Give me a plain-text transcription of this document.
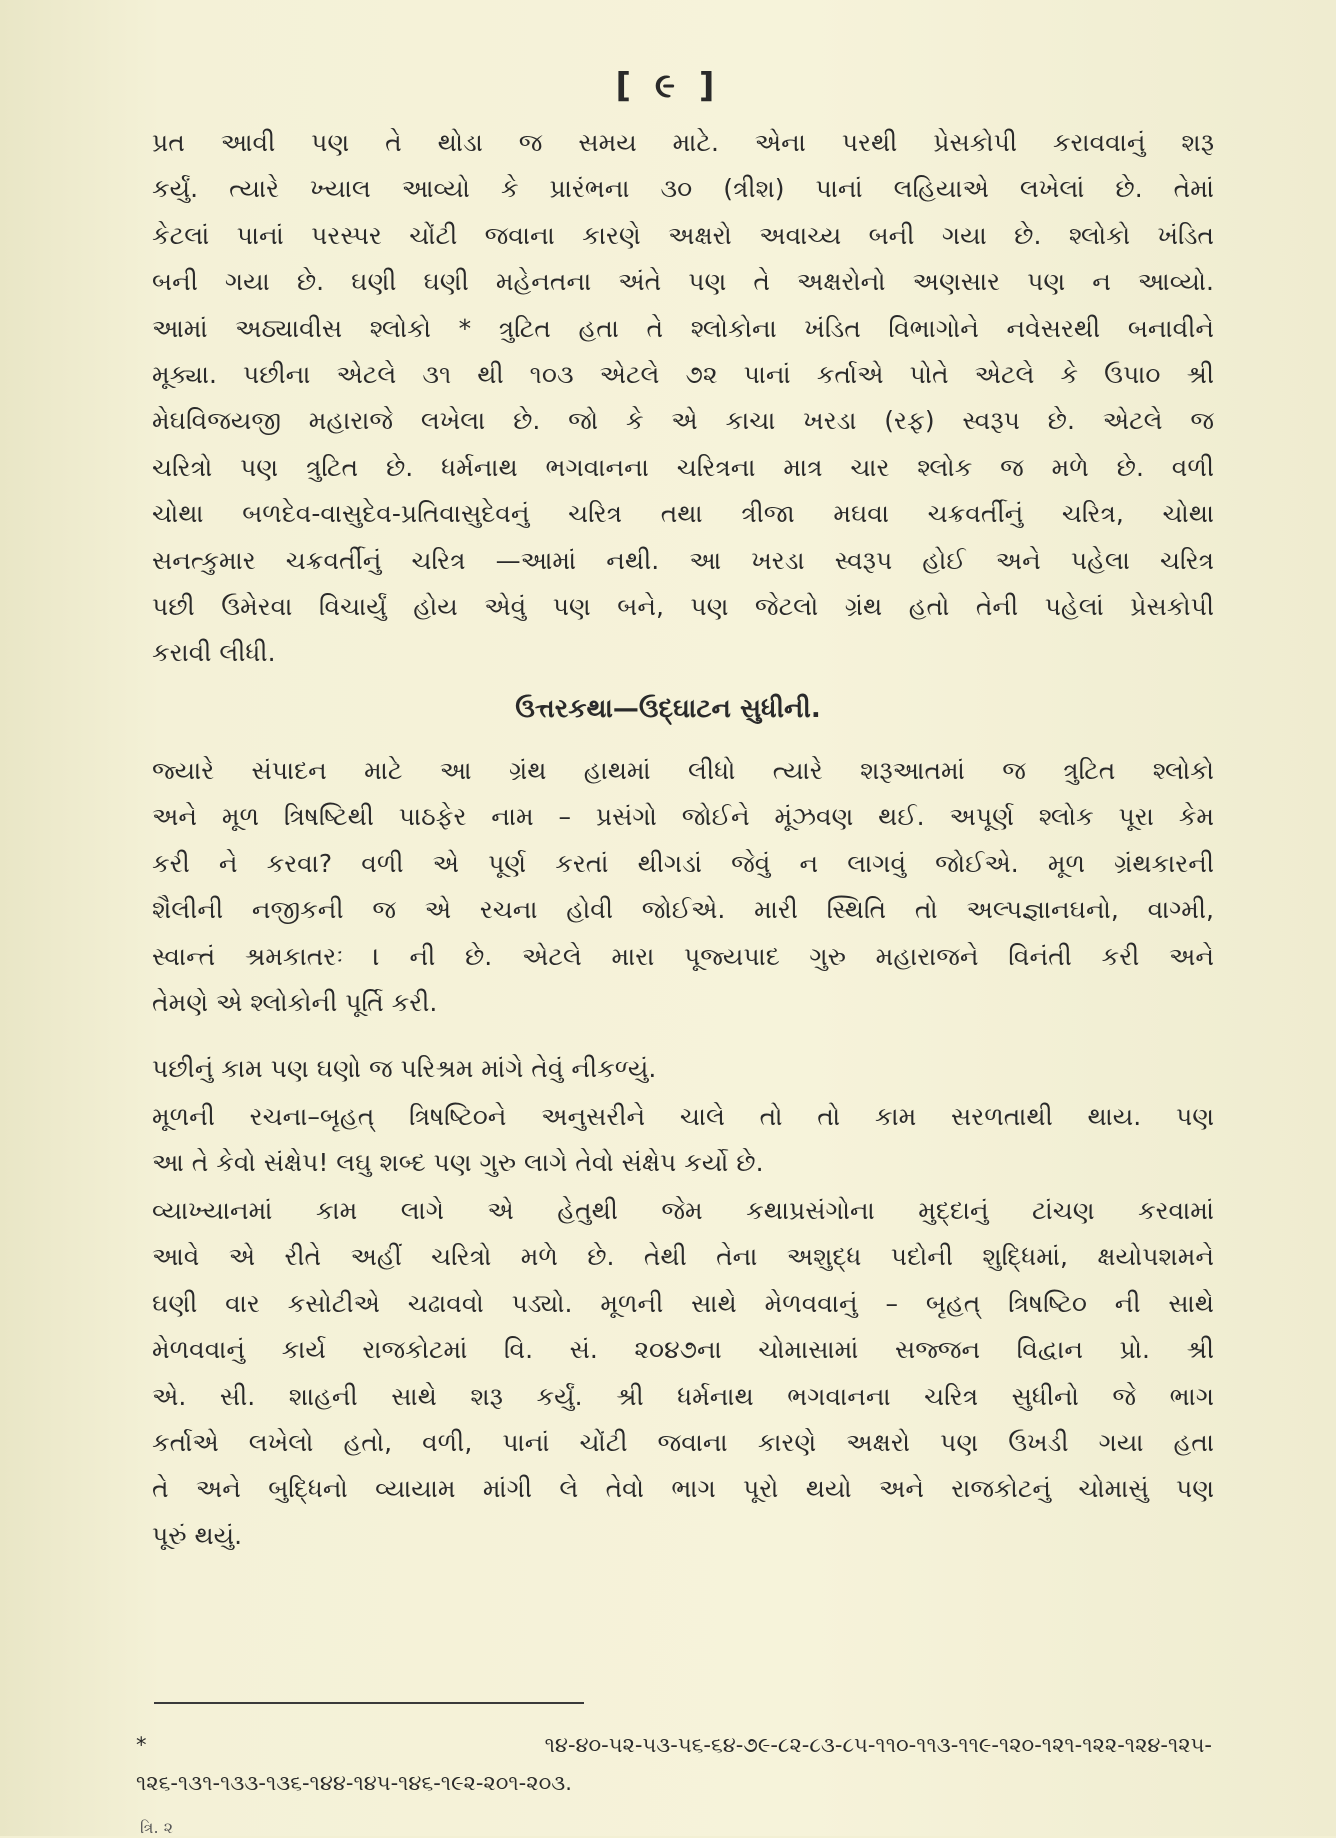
[ ૯ ]
પ્રત આવી પણ તે થોડા જ સમય માટે. એના પરથી પ્રેસકોપી કરાવવાનું શરૂ
કર્યું. ત્યારે ખ્યાલ આવ્યો કે પ્રારંભના ૩૦ (ત્રીશ) પાનાં લહિયાએ લખેલાં છે. તેમાં
કેટલાં પાનાં પરસ્પર ચોંટી જવાના કારણે અક્ષરો અવાચ્ય બની ગયા છે. શ્લોકો ખંડિત
બની ગયા છે. ઘણી ઘણી મહેનતના અંતે પણ તે અક્ષરોનો અણસાર પણ ન આવ્યો.
આમાં અઠ્યાવીસ શ્લોકો * ત્રુટિત હતા તે શ્લોકોના ખંડિત વિભાગોને નવેસરથી બનાવીને
મૂક્યા. પછીના એટલે ૩૧ થી ૧૦૩ એટલે ૭૨ પાનાં કર્તાએ પોતે એટલે કે ઉપા૦ શ્રી
મેઘવિજયજી મહારાજે લખેલા છે. જો કે એ કાચા ખરડા (રફ) સ્વરૂપ છે. એટલે જ
ચરિત્રો પણ ત્રુટિત છે. ધર્મનાથ ભગવાનના ચરિત્રના માત્ર ચાર શ્લોક જ મળે છે. વળી
ચોથા બળદેવ-વાસુદેવ-પ્રતિવાસુદેવનું ચરિત્ર તથા ત્રીજા મઘવા ચક્રવર્તીનું ચરિત્ર, ચોથા
સનત્કુમાર ચક્રવર્તીનું ચરિત્ર —આમાં નથી. આ ખરડા સ્વરૂપ હોઈ અને પહેલા ચરિત્ર
પછી ઉમેરવા વિચાર્યું હોય એવું પણ બને, પણ જેટલો ગ્રંથ હતો તેની પહેલાં પ્રેસકોપી
કરાવી લીધી.
ઉત્તરકથા—ઉદ્ઘાટન સુધીની.
જ્યારે સંપાદન માટે આ ગ્રંથ હાથમાં લીધો ત્યારે શરૂઆતમાં જ ત્રુટિત શ્લોકો
અને મૂળ ત્રિષષ્ટિથી પાઠફેર નામ – પ્રસંગો જોઈને મૂંઝવણ થઈ. અપૂર્ણ શ્લોક પૂરા કેમ
કરી ને કરવા? વળી એ પૂર્ણ કરતાં થીગડાં જેવું ન લાગવું જોઈએ. મૂળ ગ્રંથકારની
શૈલીની નજીકની જ એ રચના હોવી જોઈએ. મારી સ્થિતિ તો અલ્પજ્ઞાનઘનો, વાગ્મી,
સ્વાન્તં શ્રમકાતરઃ । ની છે. એટલે મારા પૂજ્યપાદ ગુરુ મહારાજને વિનંતી કરી અને
તેમણે એ શ્લોકોની પૂર્તિ કરી.
પછીનું કામ પણ ઘણો જ પરિશ્રમ માંગે તેવું નીકળ્યું.
મૂળની રચના–બૃહત્ ત્રિષષ્ટિ૦ને અનુસરીને ચાલે તો તો કામ સરળતાથી થાય. પણ
આ તે કેવો સંક્ષેપ! લઘુ શબ્દ પણ ગુરુ લાગે તેવો સંક્ષેપ કર્યો છે.
વ્યાખ્યાનમાં કામ લાગે એ હેતુથી જેમ કથાપ્રસંગોના મુદ્દાનું ટાંચણ કરવામાં
આવે એ રીતે અહીં ચરિત્રો મળે છે. તેથી તેના અશુદ્ધ પદોની શુદ્ધિમાં, ક્ષયોપશમને
ઘણી વાર કસોટીએ ચઢાવવો પડ્યો. મૂળની સાથે મેળવવાનું – બૃહત્ ત્રિષષ્ટિ૦ ની સાથે
મેળવવાનું કાર્ય રાજકોટમાં વિ. સં. ૨૦૪૭ના ચોમાસામાં સજ્જન વિદ્વાન પ્રો. શ્રી
એ. સી. શાહની સાથે શરૂ કર્યું. શ્રી ધર્મનાથ ભગવાનના ચરિત્ર સુધીનો જે ભાગ
કર્તાએ લખેલો હતો, વળી, પાનાં ચોંટી જવાના કારણે અક્ષરો પણ ઉખડી ગયા હતા
તે અને બુદ્ધિનો વ્યાયામ માંગી લે તેવો ભાગ પૂરો થયો અને રાજકોટનું ચોમાસું પણ
પૂરું થયું.
* ૧૪-૪૦-૫૨-૫૩-૫૬-૬૪-૭૯-૮૨-૮૩-૮૫-૧૧૦-૧૧૩-૧૧૯-૧૨૦-૧૨૧-૧૨૨-૧૨૪-૧૨૫-
૧૨૬-૧૩૧-૧૩૩-૧૩૬-૧૪૪-૧૪૫-૧૪૬-૧૯૨-૨૦૧-૨૦૩.
ત્રિ. ૨
